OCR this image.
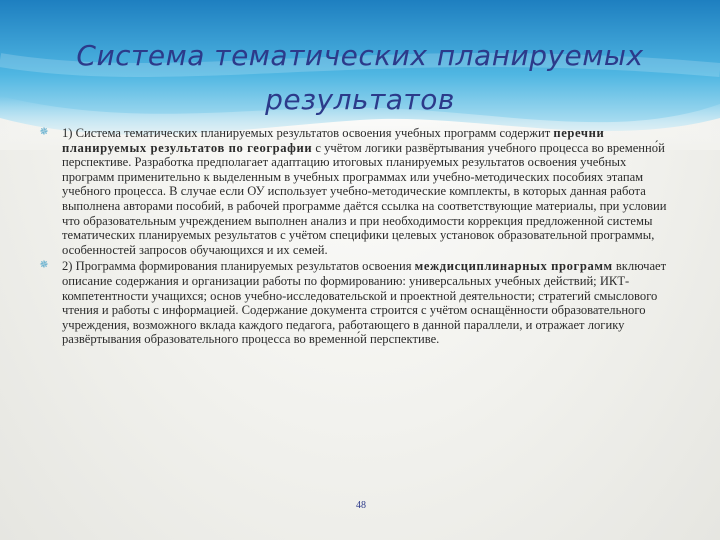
Система тематических планируемых результатов
✵ 1) Система тематических планируемых результатов освоения учебных программ содержит перечни планируемых результатов по географии с учётом логики развёртывания учебного процесса во временно́й перспективе. Разработка предполагает адаптацию итоговых планируемых результатов освоения учебных программ применительно к выделенным в учебных программах или учебно-методических пособиях этапам учебного процесса. В случае если ОУ использует учебно-методические комплекты, в которых данная работа выполнена авторами пособий, в рабочей программе даётся ссылка на соответствующие материалы, при условии что образовательным учреждением выполнен анализ и при необходимости коррекция предложенной системы тематических планируемых результатов с учётом специфики целевых установок образовательной программы, особенностей запросов обучающихся и их семей.
✵ 2) Программа формирования планируемых результатов освоения междисциплинарных программ включает описание содержания и организации работы по формированию: универсальных учебных действий; ИКТ-компетентности учащихся; основ учебно-исследовательской и проектной деятельности; стратегий смыслового чтения и работы с информацией. Содержание документа строится с учётом оснащённости образовательного учреждения, возможного вклада каждого педагога, работающего в данной параллели, и отражает логику развёртывания образовательного процесса во временно́й перспективе.
48
